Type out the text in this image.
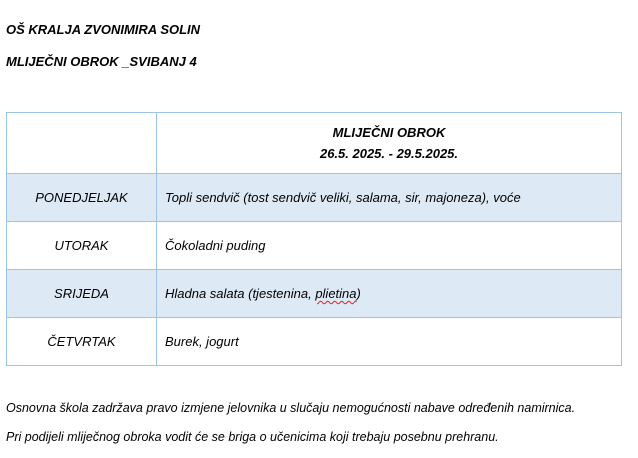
OŠ KRALJA ZVONIMIRA SOLIN
MLIJEČNI OBROK _SVIBANJ 4

	MLIJEČNI OBROK
26.5. 2025. - 29.5.2025.

PONEDJELJAK	Topli sendvič (tost sendvič veliki, salama, sir, majoneza), voće
UTORAK	Čokoladni puding
SRIJEDA	Hladna salata (tjestenina, plietina)
ČETVRTAK	Burek, jogurt
Osnovna škola zadržava pravo izmjene jelovnika u slučaju nemogućnosti nabave određenih namirnica.
Pri podijeli mliječnog obroka vodit će se briga o učenicima koji trebaju posebnu prehranu.
